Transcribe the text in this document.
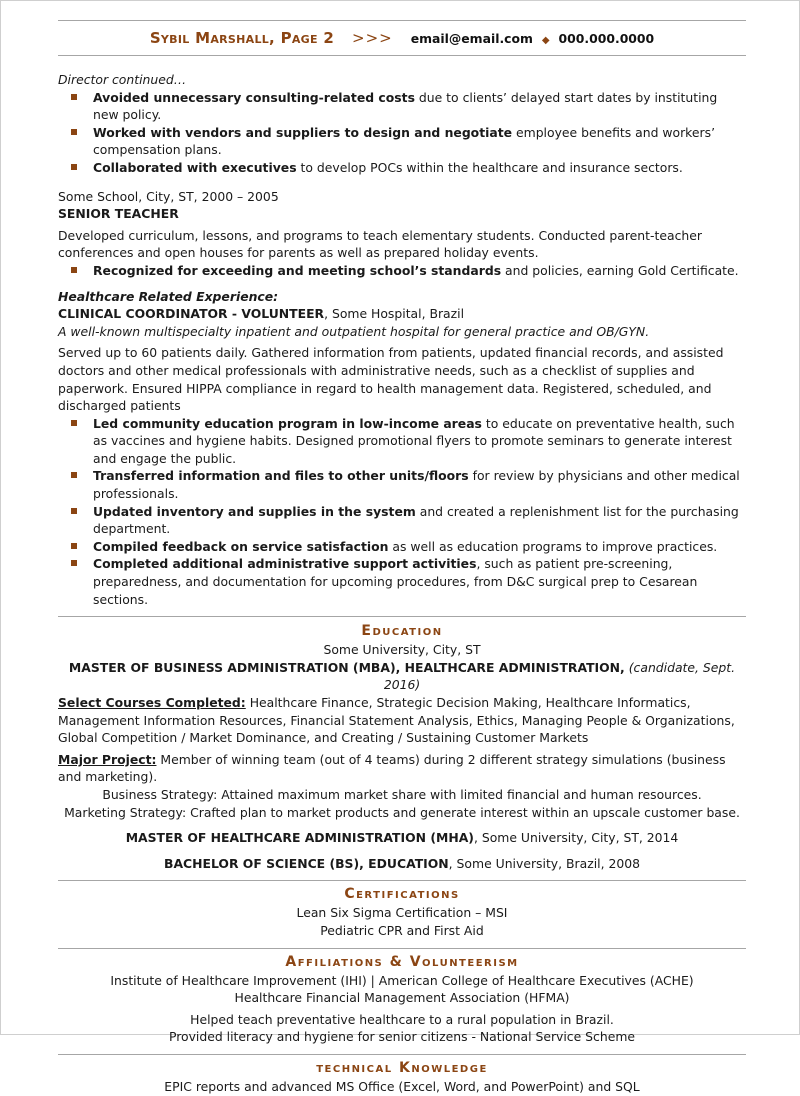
Sybil Marshall, Page 2 >>> email@email.com ◆ 000.000.0000
Director continued…
Avoided unnecessary consulting-related costs due to clients’ delayed start dates by instituting new policy.
Worked with vendors and suppliers to design and negotiate employee benefits and workers’ compensation plans.
Collaborated with executives to develop POCs within the healthcare and insurance sectors.
Some School, City, ST, 2000 – 2005
SENIOR TEACHER
Developed curriculum, lessons, and programs to teach elementary students. Conducted parent-teacher conferences and open houses for parents as well as prepared holiday events.
Recognized for exceeding and meeting school’s standards and policies, earning Gold Certificate.
Healthcare Related Experience:
CLINICAL COORDINATOR - VOLUNTEER, Some Hospital, Brazil
A well-known multispecialty inpatient and outpatient hospital for general practice and OB/GYN.
Served up to 60 patients daily. Gathered information from patients, updated financial records, and assisted doctors and other medical professionals with administrative needs, such as a checklist of supplies and paperwork. Ensured HIPPA compliance in regard to health management data. Registered, scheduled, and discharged patients
Led community education program in low-income areas to educate on preventative health, such as vaccines and hygiene habits. Designed promotional flyers to promote seminars to generate interest and engage the public.
Transferred information and files to other units/floors for review by physicians and other medical professionals.
Updated inventory and supplies in the system and created a replenishment list for the purchasing department.
Compiled feedback on service satisfaction as well as education programs to improve practices.
Completed additional administrative support activities, such as patient pre-screening, preparedness, and documentation for upcoming procedures, from D&C surgical prep to Cesarean sections.
Education
Some University, City, ST
MASTER OF BUSINESS ADMINISTRATION (MBA), HEALTHCARE ADMINISTRATION, (candidate, Sept. 2016)
Select Courses Completed: Healthcare Finance, Strategic Decision Making, Healthcare Informatics, Management Information Resources, Financial Statement Analysis, Ethics, Managing People & Organizations, Global Competition / Market Dominance, and Creating / Sustaining Customer Markets
Major Project: Member of winning team (out of 4 teams) during 2 different strategy simulations (business and marketing).
Business Strategy: Attained maximum market share with limited financial and human resources.
Marketing Strategy: Crafted plan to market products and generate interest within an upscale customer base.
MASTER OF HEALTHCARE ADMINISTRATION (MHA), Some University, City, ST, 2014
BACHELOR OF SCIENCE (BS), EDUCATION, Some University, Brazil, 2008
Certifications
Lean Six Sigma Certification – MSI
Pediatric CPR and First Aid
Affiliations & Volunteerism
Institute of Healthcare Improvement (IHI) | American College of Healthcare Executives (ACHE)
Healthcare Financial Management Association (HFMA)
Helped teach preventative healthcare to a rural population in Brazil.
Provided literacy and hygiene for senior citizens - National Service Scheme
technical Knowledge
EPIC reports and advanced MS Office (Excel, Word, and PowerPoint) and SQL
